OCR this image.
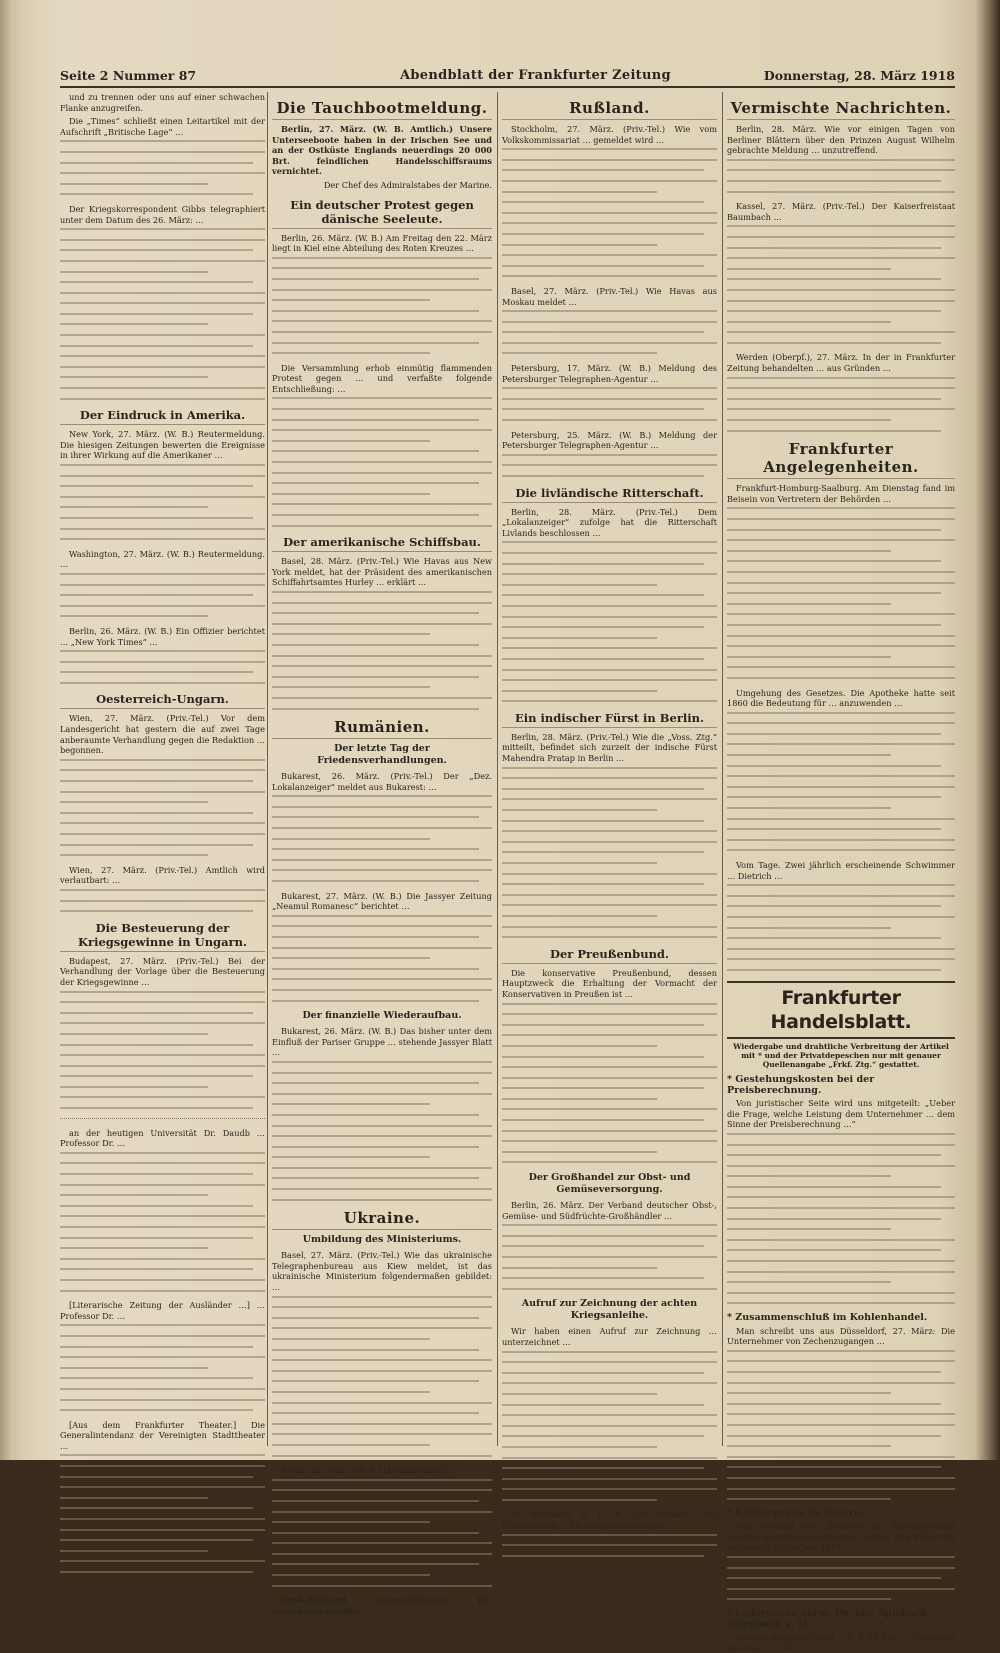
Seite 2 Nummer 87	Abendblatt der Frankfurter Zeitung	Donnerstag, 28. März 1918

und zu trennen oder uns auf einer schwachen Flanke anzugreifen.

Die „Times“ schließt einen Leitartikel mit der Aufschrift „Britische Lage“ …

Der Kriegskorrespondent Gibbs telegraphiert unter dem Datum des 26. März: …

Der Eindruck in Amerika.

New York, 27. März. (W. B.) Reutermeldung. Die hiesigen Zeitungen bewerten die Ereignisse in ihrer Wirkung auf die Amerikaner …

Washington, 27. März. (W. B.) Reutermeldung. …

Berlin, 26. März. (W. B.) Ein Offizier berichtet … „New York Times“ …

Oesterreich-Ungarn.

Wien, 27. März. (Priv.-Tel.) Vor dem Landesgericht hat gestern die auf zwei Tage anberaumte Verhandlung gegen die Redaktion … begonnen.

Wien, 27. März. (Priv.-Tel.) Amtlich wird verlautbart: …

Die Besteuerung der Kriegsgewinne in Ungarn.

Budapest, 27. März. (Priv.-Tel.) Bei der Verhandlung der Vorlage über die Besteuerung der Kriegsgewinne …

an der heutigen Universität Dr. Daudb … Professor Dr. …

[Literarische Zeitung der Ausländer …] … Professor Dr. …

[Aus dem Frankfurter Theater.] Die Generalintendanz der Vereinigten Stadttheater …

Die Tauchbootmeldung.

Berlin, 27. März. (W. B. Amtlich.) Unsere Unterseeboote haben in der Irischen See und an der Ostküste Englands neuerdings 20 000 Brt. feindlichen Handelsschiffsraums vernichtet.

Der Chef des Admiralstabes der Marine.

Ein deutscher Protest gegen dänische Seeleute.

Berlin, 26. März. (W. B.) Am Freitag den 22. März liegt in Kiel eine Abteilung des Roten Kreuzes …

Die Versammlung erhob einmütig flammenden Protest gegen … und verfaßte folgende Entschließung: …

Der amerikanische Schiffsbau.

Basel, 28. März. (Priv.-Tel.) Wie Havas aus New York meldet, hat der Präsident des amerikanischen Schiffahrtsamtes Hurley … erklärt …

Rumänien.
Der letzte Tag der Friedensverhandlungen.

Bukarest, 26. März. (Priv.-Tel.) Der „Dez. Lokalanzeiger“ meldet aus Bukarest: …

Bukarest, 27. März. (W. B.) Die Jassyer Zeitung „Neamul Romanesc“ berichtet …

Der finanzielle Wiederaufbau.

Bukarest, 26. März. (W. B.) Das bisher unter dem Einfluß der Pariser Gruppe … stehende Jassyer Blatt …

Ukraine.
Umbildung des Ministeriums.

Basel, 27. März. (Priv.-Tel.) Wie das ukrainische Telegraphenbureau aus Kiew meldet, ist das ukrainische Ministerium folgendermaßen gebildet: …

Berlin, 26. März. (W. B.) [Kreuzzeitung] …

Groß-Rußland ausgeschlossen ist, vornehmen werden.

Rußland.

Stockholm, 27. März. (Priv.-Tel.) Wie vom Volkskommissariat … gemeldet wird …

Basel, 27. März. (Priv.-Tel.) Wie Havas aus Moskau meldet …

Petersburg, 17. März. (W. B.) Meldung des Petersburger Telegraphen-Agentur …

Petersburg, 25. März. (W. B.) Meldung der Petersburger Telegraphen-Agentur …

Die livländische Ritterschaft.

Berlin, 28. März. (Priv.-Tel.) Dem „Lokalanzeiger“ zufolge hat die Ritterschaft Livlands beschlossen …

Ein indischer Fürst in Berlin.

Berlin, 28. März. (Priv.-Tel.) Wie die „Voss. Ztg.“ mitteilt, befindet sich zurzeit der indische Fürst Mahendra Pratap in Berlin …

Der Preußenbund.

Die konservative Preußenbund, dessen Hauptzweck die Erhaltung der Vormacht der Konservativen in Preußen ist …

Der Großhandel zur Obst- und Gemüseversorgung.

Berlin, 26. März. Der Verband deutscher Obst-, Gemüse- und Südfrüchte-Großhändler …

Aufruf zur Zeichnung der achten Kriegsanleihe.

Wir haben einen Aufruf zur Zeichnung … unterzeichnet …

H. Reinhardt a. b. N. Die Debatte Carl Freudenberg … für Kriegsbeschädigten …

Vermischte Nachrichten.

Berlin, 28. März. Wie vor einigen Tagen von Berliner Blättern über den Prinzen August Wilhelm gebrachte Meldung … unzutreffend.

Kassel, 27. März. (Priv.-Tel.) Der Kaiserfreistaat Baumbach …

Werden (Oberpf.), 27. März. In der in Frankfurter Zeitung behandelten … aus Gründen …

Frankfurter Angelegenheiten.

Frankfurt-Homburg-Saalburg. Am Dienstag fand im Beisein von Vertretern der Behörden …

Umgehung des Gesetzes. Die Apotheke hatte seit 1860 die Bedeutung für … anzuwenden …

Vom Tage. Zwei jährlich erscheinende Schwimmer … Dietrich …

Frankfurter Handelsblatt.
Wiedergabe und drahtliche Verbreitung der Artikel mit * und der Privatdepeschen nur mit genauer Quellenangabe „Frkf. Ztg.“ gestattet.

* Gestehungskosten bei der Preisberechnung.

Von juristischer Seite wird uns mitgeteilt: „Ueber die Frage, welche Leistung dem Unternehmer … dem Sinne der Preisberechnung …“

* Zusammenschluß im Kohlenhandel.

Man schreibt uns aus Düsseldorf, 27. März: Die Unternehmer von Zechenzugangen …

* Kohlenpreise in Bayern.

Man schreibt uns: „Während das Kohlensyndikat und der Saarfiskus beschlossen haben, ihre Preise für das zweite Vierteljahr 1918 …

* Loderwerke vorm. Ph. Jac. Spichard, Offenbach a. M.

Wie uns mitgeteilt wird … (i. V. 90 546) … Dividende von 8 (i. V. 8) %.
